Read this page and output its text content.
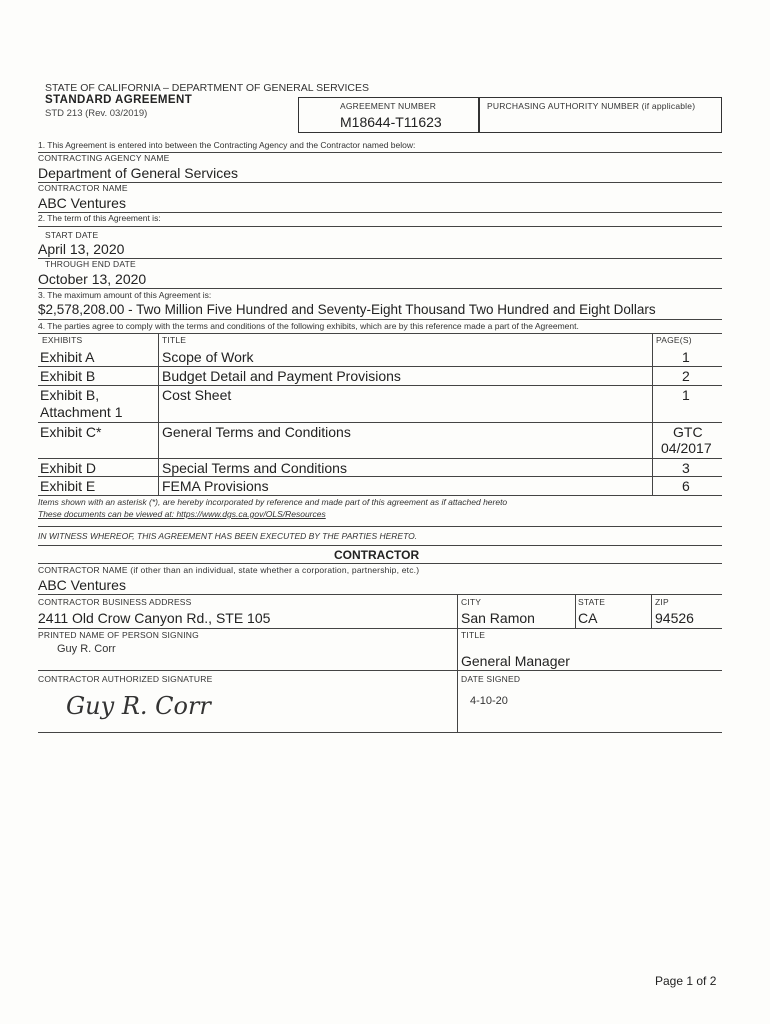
STATE OF CALIFORNIA – DEPARTMENT OF GENERAL SERVICES
STANDARD AGREEMENT
STD 213 (Rev. 03/2019)
AGREEMENT NUMBER
M18644-T11623
PURCHASING AUTHORITY NUMBER (if applicable)
1. This Agreement is entered into between the Contracting Agency and the Contractor named below:
CONTRACTING AGENCY NAME
Department of General Services
CONTRACTOR NAME
ABC Ventures
2. The term of this Agreement is:
START DATE
April 13, 2020
THROUGH END DATE
October 13, 2020
3. The maximum amount of this Agreement is:
$2,578,208.00 - Two Million Five Hundred and Seventy-Eight Thousand Two Hundred and Eight Dollars
4. The parties agree to comply with the terms and conditions of the following exhibits, which are by this reference made a part of the Agreement.
EXHIBITS	TITLE	PAGE(S)
Exhibit A	Scope of Work	1
Exhibit B	Budget Detail and Payment Provisions	2
Exhibit B,
Attachment 1
Cost Sheet	1
Exhibit C*	General Terms and Conditions	GTC
04/2017
Exhibit D	Special Terms and Conditions	3
Exhibit E	FEMA Provisions	6
Items shown with an asterisk (*), are hereby incorporated by reference and made part of this agreement as if attached hereto
These documents can be viewed at: https://www.dgs.ca.gov/OLS/Resources
IN WITNESS WHEREOF, THIS AGREEMENT HAS BEEN EXECUTED BY THE PARTIES HERETO.
CONTRACTOR
CONTRACTOR NAME (if other than an individual, state whether a corporation, partnership, etc.)
ABC Ventures
CONTRACTOR BUSINESS ADDRESS
2411 Old Crow Canyon Rd., STE 105
CITY
San Ramon
STATE
CA
ZIP
94526
PRINTED NAME OF PERSON SIGNING
Guy R. Corr
TITLE
General Manager
CONTRACTOR AUTHORIZED SIGNATURE
Guy R. Corr
DATE SIGNED
4-10-20
Page 1 of 2
